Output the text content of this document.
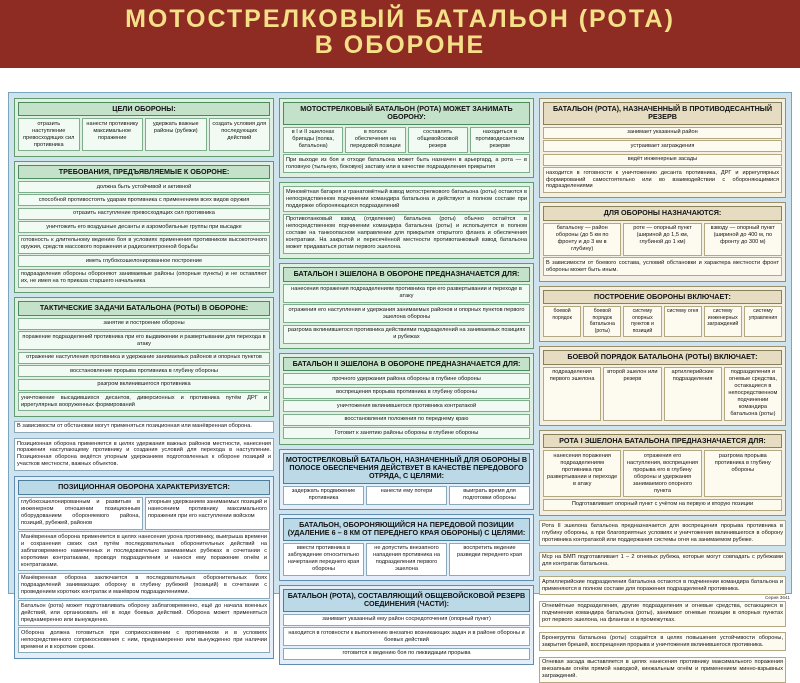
МОТОСТРЕЛКОВЫЙ БАТАЛЬОН (РОТА)
В ОБОРОНЕ
ЦЕЛИ ОБОРОНЫ:
отразить наступление превосходящих сил противника
нанести противнику максимальное поражение
удержать важные районы (рубежи)
создать условия для последующих действий
ТРЕБОВАНИЯ, ПРЕДЪЯВЛЯЕМЫЕ К ОБОРОНЕ:
должна быть устойчивой и активной
способной противостоять ударам противника с применением всех видов оружия
отразить наступление превосходящих сил противника
уничтожить его воздушные десанты и аэромобильные группы при высадке
готовность к длительному ведению боя в условиях применения противником высокоточного оружия, средств массового поражения и радиоэлектронной борьбы
иметь глубокоэшелонированное построение
подразделения обороны обороняют занимаемые районы (опорные пункты) и не оставляют их, не имея на то приказа старшего начальника
ТАКТИЧЕСКИЕ ЗАДАЧИ БАТАЛЬОНА (РОТЫ) В ОБОРОНЕ:
занятие и построение обороны
поражение подразделений противника при его выдвижении и развертывании для перехода в атаку
отражение наступления противника и удержание занимаемых районов и опорных пунктов
восстановление прорыва противника в глубину обороны
разгром вклинившегося противника
уничтожение высадившихся десантов, диверсионных и противника путём ДРГ и иррегулярных вооруженных формирований
В зависимости от обстановки могут применяться позиционная или манёвренная оборона.
Позиционная оборона применяется в целях удержания важных районов местности, нанесения поражения наступающему противнику и создания условий для перехода в наступление. Позиционная оборона ведётся упорным удержанием подготовленных к обороне позиций и участков местности, важных объектов.
ПОЗИЦИОННАЯ ОБОРОНА ХАРАКТЕРИЗУЕТСЯ:
глубокоэшелонированным и развитым в инженерном отношении позиционным оборудованием обороняемого района, позиций, рубежей, районов
упорным удержанием занимаемых позиций и нанесением противнику максимального поражения при его наступлении войском
Манёвренная оборона применяется в целях нанесения урона противнику, выигрыша времени и сохранения своих сил путём последовательных оборонительных действий на заблаговременно намеченных и последовательно занимаемых рубежах в сочетании с короткими контратаками, проводя подразделения и нанося ему поражение огнём и контратаками.
Манёвренная оборона заключается в последовательных оборонительных боях подразделений занимающих оборону в глубину рубежей (позиций) в сочетании с проведением коротких контратак и манёвром подразделениями.
Батальон (рота) может подготавливать оборону заблаговременно, ещё до начала военных действий, или организовать её в ходе боевых действий. Оборона может применяться преднамеренно или вынужденно.
Оборона должна готовиться при соприкосновении с противником и в условиях непосредственного соприкосновения с ним, преднамеренно или вынужденно при наличии времени и в короткие сроки.
МОТОСТРЕЛКОВЫЙ БАТАЛЬОН (РОТА) МОЖЕТ ЗАНИМАТЬ ОБОРОНУ:
в I и II эшелонах бригады (полка, батальона)
в полосе обеспечения на передовой позиции
составлять общевойсковой резерв
находиться в противодесантном резерве
При выходе из боя и отходе батальона может быть назначен в арьергард, а рота — в головную (тыльную, боковую) заставу или в качестве подразделения прикрытия
Миномётная батарея и гранатомётный взвод мотострелкового батальона (роты) остаются в непосредственном подчинении командира батальона и действуют в полном составе при поддержке обороняющихся подразделений
Противотанковый взвод (отделение) батальона (роты) обычно остаётся в непосредственном подчинении командира батальона (роты) и используется в полном составе на танкоопасном направлении для прикрытия открытого фланга и обеспечения контратаки. На закрытой и пересечённой местности противотанковый взвод батальона может придаваться ротам первого эшелона.
БАТАЛЬОН I ЭШЕЛОНА В ОБОРОНЕ ПРЕДНАЗНАЧАЕТСЯ ДЛЯ:
нанесения поражения подразделениям противника при его развертывании и переходе в атаку
отражения его наступления и удержания занимаемых районов и опорных пунктов первого эшелона обороны
разгрома вклинившегося противника действиями подразделений на занимаемых позициях и рубежах
БАТАЛЬОН II ЭШЕЛОНА В ОБОРОНЕ ПРЕДНАЗНАЧАЕТСЯ ДЛЯ:
прочного удержания района обороны в глубине обороны
воспрещения прорыва противника в глубину обороны
уничтожения вклинившегося противника контратакой
восстановления положения по переднему краю
Готовит к занятию районы обороны в глубине обороны
МОТОСТРЕЛКОВЫЙ БАТАЛЬОН, НАЗНАЧЕННЫЙ ДЛЯ ОБОРОНЫ В ПОЛОСЕ ОБЕСПЕЧЕНИЯ ДЕЙСТВУЕТ В КАЧЕСТВЕ ПЕРЕДОВОГО ОТРЯДА, С ЦЕЛЯМИ:
задержать продвижение противника
нанести ему потери	выиграть время для подготовки обороны
БАТАЛЬОН, ОБОРОНЯЮЩИЙСЯ НА ПЕРЕДОВОЙ ПОЗИЦИИ (УДАЛЕНИЕ 6 – 8 КМ ОТ ПЕРЕДНЕГО КРАЯ ОБОРОНЫ) С ЦЕЛЯМИ:
ввести противника в заблуждение относительно начертания переднего края обороны
не допустить внезапного нападения противника на подразделения первого эшелона
воспретить ведение разведки переднего края
БАТАЛЬОН (РОТА), СОСТАВЛЯЮЩИЙ ОБЩЕВОЙСКОВОЙ РЕЗЕРВ СОЕДИНЕНИЯ (ЧАСТИ):
занимает указанный ему район сосредоточения (опорный пункт)
находится в готовности к выполнению внезапно возникающих задач и в районе обороны и боевых действий
готовится к ведению боя по ликвидации прорыва
БАТАЛЬОН (РОТА), НАЗНАЧЕННЫЙ В ПРОТИВОДЕСАНТНЫЙ РЕЗЕРВ
занимает указанный район
устраивает заграждения
ведёт инженерные засады
находится в готовности к уничтожению десанта противника, ДРГ и иррегулярных формирований самостоятельно или во взаимодействии с обороняющимися подразделениями
ДЛЯ ОБОРОНЫ НАЗНАЧАЮТСЯ:
батальону — район обороны (до 5 км по фронту и до 3 км в глубину)
роте — опорный пункт (шириной до 1,5 км, глубиной до 1 км)
взводу — опорный пункт (шириной до 400 м, по фронту до 300 м)
В зависимости от боевого состава, условий обстановки и характера местности фронт обороны может быть иным.
ПОСТРОЕНИЕ ОБОРОНЫ ВКЛЮЧАЕТ:
боевой порядок
боевой порядок батальона (роты)
систему опорных пунктов и позиций
систему огня	систему инженерных заграждений
систему управления
БОЕВОЙ ПОРЯДОК БАТАЛЬОНА (РОТЫ) ВКЛЮЧАЕТ:
подразделения первого эшелона
второй эшелон или резерв
артиллерийские подразделения
подразделения и огневые средства, остающиеся в непосредственном подчинении командира батальона (роты)
РОТА I ЭШЕЛОНА БАТАЛЬОНА ПРЕДНАЗНАЧАЕТСЯ ДЛЯ:
нанесения поражения подразделениям противника при развертывании и переходе в атаку
отражения его наступления, воспрещения прорыва его в глубину обороны и удержания занимаемого опорного пункта
разгрома прорыва противника в глубину обороны
Подготавливает опорный пункт с учётом на первую и вторую позиции
Рота II эшелона батальона предназначается для воспрещения прорыва противника в глубину обороны, а при благоприятных условиях и уничтожения вклинившегося в оборону противника контратакой или поддержания системы огня на занимаемом рубеже.
Мср на БМП подготавливает 1 – 2 огневых рубежа, которые могут совпадать с рубежами для контратак батальона.
Артиллерийские подразделения батальона остаются в подчинении командира батальона и применяются в полном составе для поражения подразделений противника.
Огнемётные подразделения, другие подразделения и огневые средства, остающиеся в подчинении командира батальона (роты), занимают огневые позиции в опорных пунктах рот первого эшелона, на флангах и в промежутках.
Бронегруппа батальона (роты) создаётся в целях повышения устойчивости обороны, закрытия брешей, воспрещения прорыва и уничтожения вклинившегося противника.
Огневая засада выставляется в целях нанесения противнику максимального поражения внезапным огнём прямой наводкой, кинжальным огнём и применением минно-взрывных заграждений.
Серия 3641
